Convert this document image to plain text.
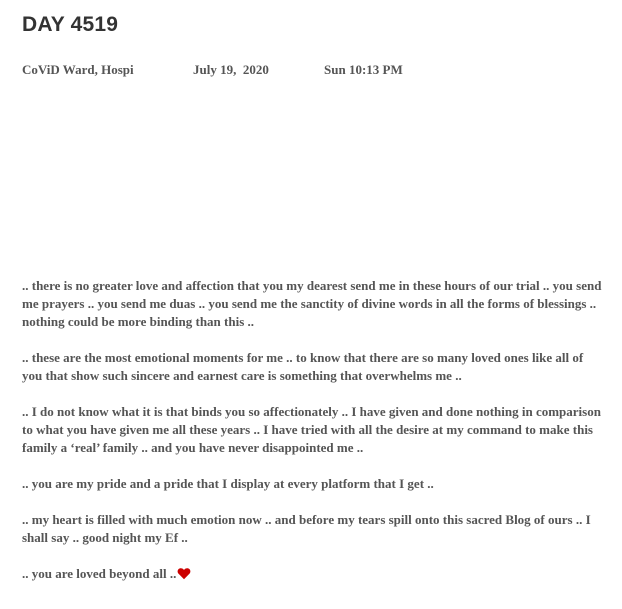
DAY 4519
CoViD Ward, Hospi	July 19,  2020	Sun 10:13 PM

.. there is no greater love and affection that you my dearest send me in these hours of our trial .. you send me prayers .. you send me duas .. you send me the sanctity of divine words in all the forms of blessings .. nothing could be more binding than this ..

.. these are the most emotional moments for me .. to know that there are so many loved ones like all of you that show such sincere and earnest care is something that overwhelms me ..

.. I do not know what it is that binds you so affectionately .. I have given and done nothing in comparison to what you have given me all these years .. I have tried with all the desire at my command to make this family a ‘real’ family .. and you have never disappointed me ..

.. you are my pride and a pride that I display at every platform that I get ..

.. my heart is filled with much emotion now .. and before my tears spill onto this sacred Blog of ours .. I shall say .. good night my Ef ..

.. you are loved beyond all ..
